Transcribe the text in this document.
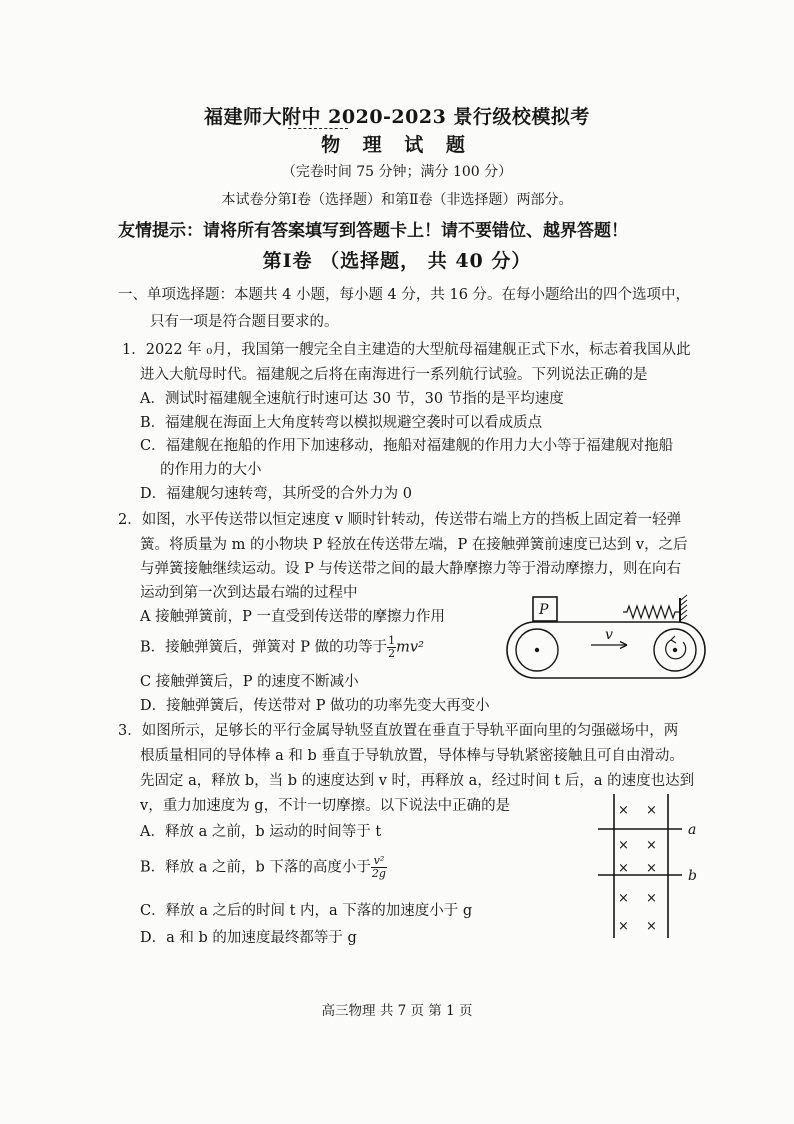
福建师大附中 2020-2023 景行级校模拟考
物 理 试 题
（完卷时间 75 分钟；满分 100 分）
本试卷分第Ⅰ卷（选择题）和第Ⅱ卷（非选择题）两部分。
友情提示：请将所有答案填写到答题卡上！请不要错位、越界答题！
第Ⅰ卷 （选择题， 共 40 分）
一、单项选择题：本题共 4 小题，每小题 4 分，共 16 分。在每小题给出的四个选项中，
只有一项是符合题目要求的。
1．2022 年 ₀月，我国第一艘完全自主建造的大型航母福建舰正式下水，标志着我国从此
进入大航母时代。福建舰之后将在南海进行一系列航行试验。下列说法正确的是
A．测试时福建舰全速航行时速可达 30 节，30 节指的是平均速度
B．福建舰在海面上大角度转弯以模拟规避空袭时可以看成质点
C．福建舰在拖船的作用下加速移动，拖船对福建舰的作用力大小等于福建舰对拖船
的作用力的大小
D．福建舰匀速转弯，其所受的合外力为 0
2．如图，水平传送带以恒定速度 v 顺时针转动，传送带右端上方的挡板上固定着一轻弹
簧。将质量为 m 的小物块 P 轻放在传送带左端，P 在接触弹簧前速度已达到 v，之后
与弹簧接触继续运动。设 P 与传送带之间的最大静摩擦力等于滑动摩擦力，则在向右
运动到第一次到达最右端的过程中
A 接触弹簧前，P 一直受到传送带的摩擦力作用
B．接触弹簧后，弹簧对 P 做的功等于 $\frac{1}{2} mv^2$
C 接触弹簧后，P 的速度不断减小
D．接触弹簧后，传送带对 P 做功的功率先变大再变小
P
v
3．如图所示，足够长的平行金属导轨竖直放置在垂直于导轨平面向里的匀强磁场中，两
根质量相同的导体棒 a 和 b 垂直于导轨放置，导体棒与导轨紧密接触且可自由滑动。
先固定 a，释放 b，当 b 的速度达到 v 时，再释放 a，经过时间 t 后，a 的速度也达到
v，重力加速度为 g，不计一切摩擦。以下说法中正确的是
A．释放 a 之前，b 运动的时间等于 t
B．释放 a 之前，b 下落的高度小于 $\frac{\text{v²}}{2g}$
C．释放 a 之后的时间 t 内，a 下落的加速度小于 g
D．a 和 b 的加速度最终都等于 g
a
b
× ×
× ×
× ×
× ×
× ×
高三物理 共 7 页 第 1 页
